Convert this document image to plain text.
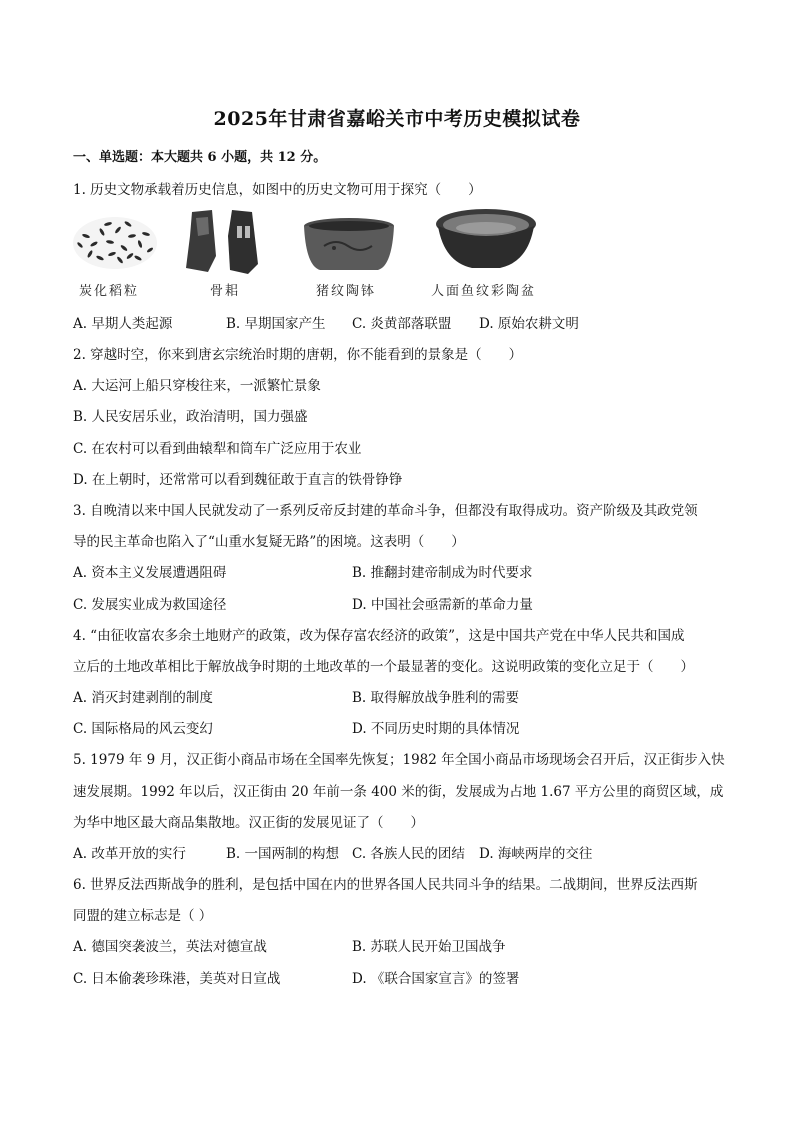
2025年甘肃省嘉峪关市中考历史模拟试卷
一、单选题：本大题共 6 小题，共 12 分。
1. 历史文物承载着历史信息，如图中的历史文物可用于探究（　　）
炭化稻粒	骨耜	猪纹陶钵	人面鱼纹彩陶盆
A. 早期人类起源	B. 早期国家产生 C. 炎黄部落联盟 D. 原始农耕文明
2. 穿越时空，你来到唐玄宗统治时期的唐朝，你不能看到的景象是（　　）
A. 大运河上船只穿梭往来，一派繁忙景象
B. 人民安居乐业，政治清明，国力强盛
C. 在农村可以看到曲辕犁和筒车广泛应用于农业
D. 在上朝时，还常常可以看到魏征敢于直言的铁骨铮铮
3. 自晚清以来中国人民就发动了一系列反帝反封建的革命斗争，但都没有取得成功。资产阶级及其政党领
导的民主革命也陷入了“山重水复疑无路”的困境。这表明（　　）
A. 资本主义发展遭遇阻碍	B. 推翻封建帝制成为时代要求
C. 发展实业成为救国途径	D. 中国社会亟需新的革命力量
4. “由征收富农多余土地财产的政策，改为保存富农经济的政策”，这是中国共产党在中华人民共和国成
立后的土地改革相比于解放战争时期的土地改革的一个最显著的变化。这说明政策的变化立足于（　　）
A. 消灭封建剥削的制度	B. 取得解放战争胜利的需要
C. 国际格局的风云变幻	D. 不同历史时期的具体情况
5. 1979 年 9 月，汉正街小商品市场在全国率先恢复；1982 年全国小商品市场现场会召开后，汉正街步入快
速发展期。1992 年以后，汉正街由 20 年前一条 400 米的街，发展成为占地 1.67 平方公里的商贸区域，成
为华中地区最大商品集散地。汉正街的发展见证了（　　）
A. 改革开放的实行	B. 一国两制的构想 C. 各族人民的团结 D. 海峡两岸的交往
6. 世界反法西斯战争的胜利，是包括中国在内的世界各国人民共同斗争的结果。二战期间，世界反法西斯
同盟的建立标志是（ ）
A. 德国突袭波兰，英法对德宣战	B. 苏联人民开始卫国战争
C. 日本偷袭珍珠港，美英对日宣战	D. 《联合国家宣言》的签署
